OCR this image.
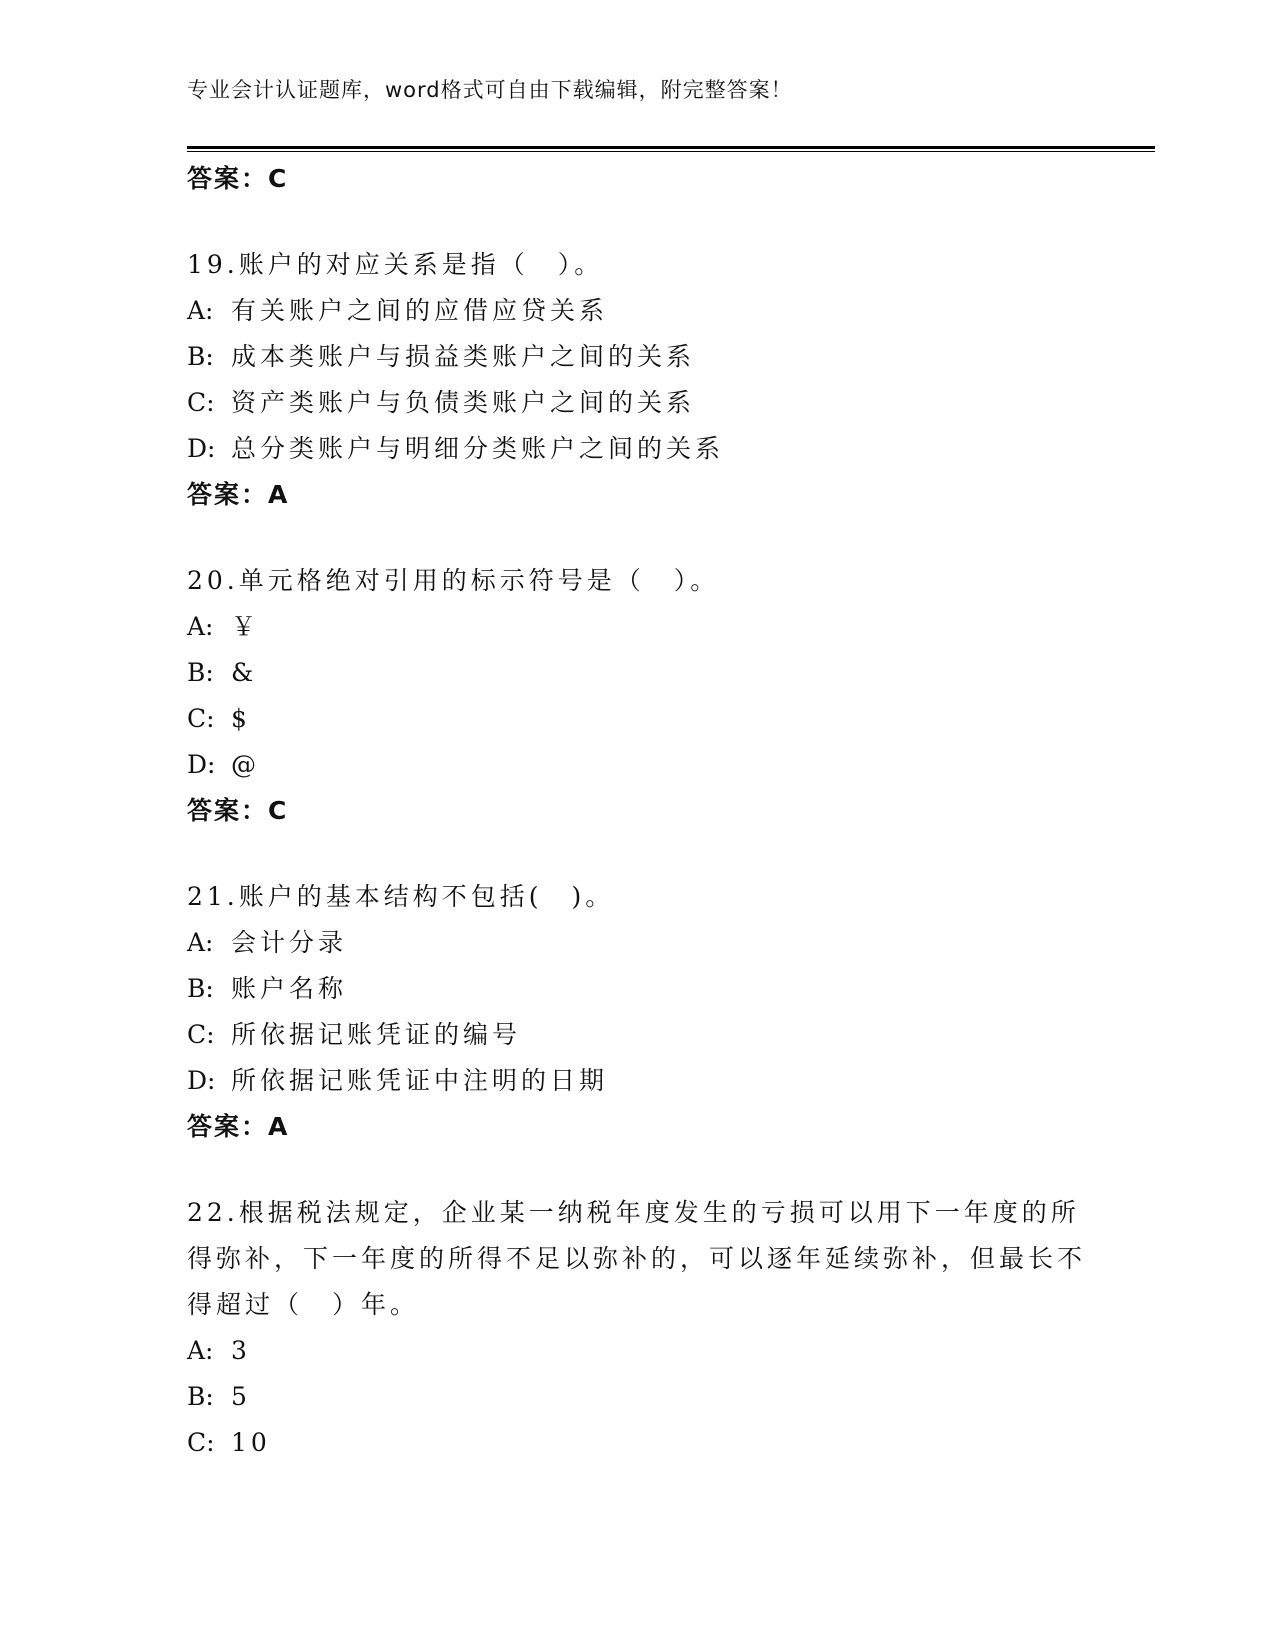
专业会计认证题库，word格式可自由下载编辑，附完整答案！
答案：C
19.账户的对应关系是指（　）。
A: 有关账户之间的应借应贷关系
B: 成本类账户与损益类账户之间的关系
C: 资产类账户与负债类账户之间的关系
D: 总分类账户与明细分类账户之间的关系
答案：A
20.单元格绝对引用的标示符号是（　）。
A: ￥
B: &
C: $
D: @
答案：C
21.账户的基本结构不包括(　)。
A: 会计分录
B: 账户名称
C: 所依据记账凭证的编号
D: 所依据记账凭证中注明的日期
答案：A
22.根据税法规定，企业某一纳税年度发生的亏损可以用下一年度的所得弥补，下一年度的所得不足以弥补的，可以逐年延续弥补，但最长不得超过（　）年。
A: 3
B: 5
C: 10
